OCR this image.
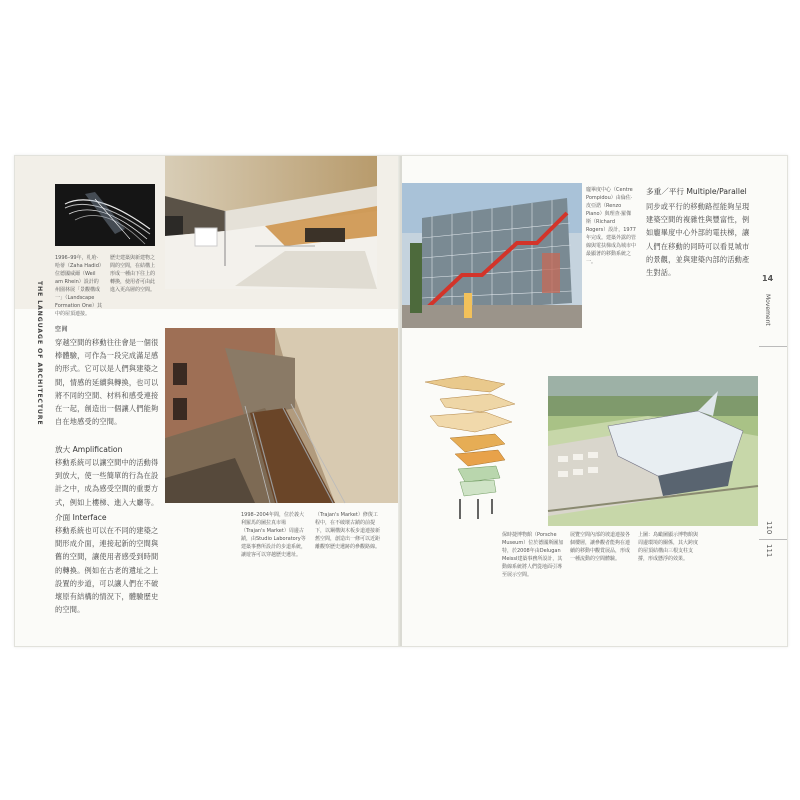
1996–99年，札哈·哈蒂（Zaha Hadid）位德國威爾（Weil am Rhein）設計的州園林展「景觀構成一」（Landscape Formation One）其中的屋頂連接。
歷史建築與新建物之間的空間，在結構上形成一種由下往上的轉換，使用者可由此進入更高層的空間。
THE LANGUAGE OF ARCHITECTURE 空间
穿越空間的移動往往會是一個很棒體驗，可作為一段完成滿足感的形式。它可以是人們與建築之間，情感的延續與轉換，也可以將不同的空間、材料和感受連接在一起，創造出一個讓人們能夠自在地感受的空間。
放大 Amplification
移動系統可以讓空間中的活動得到放大，使一些簡單的行為在設計之中，成為感受空間的重要方式，例如上樓梯、進入大廳等。
介面 Interface
移動系統也可以在不同的建築之間形成介面，連接起新的空間與舊的空間，讓使用者感受到時間的轉換。例如在古老的遺址之上設置的步道，可以讓人們在不破壞原有結構的情況下，體驗歷史的空間。
1998–2004年間，位於義大利羅馬的圖拉真市場（Trajan's Market）周邊古蹟，由Studio Laboratory等建築事務所設計的步道系統，讓遊客可以穿越歷史遺址。
（Trajan's Market）修復工程中，在不破壞古蹟的前提下，以鋼構與木板步道連接新舊空間，創造出一條可以近距離觀察歷史遺跡的參觀路線。
龐畢度中心（Centre Pompidou）由倫佐·皮亞諾（Renzo Piano）與理查·羅傑斯（Richard Rogers）設計，1977年完成。建築外露的管線與電扶梯成為城市中最顯著的移動系統之一。
多重／平行 Multiple/Parallel
同步或平行的移動路徑能夠呈現建築空間的複雜性與豐富性，例如龐畢度中心外部的電扶梯，讓人們在移動的同時可以看見城市的景觀，並與建築內部的活動產生對話。
14
Movement
保時捷博物館（Porsche Museum）位於德國斯圖加特，於2008年由Delugan Meissl建築事務所設計，其動線系統將人們從地面引導至展示空間。
展覽空間內部的坡道連接各個樓層，讓參觀者能夠在連續的移動中觀賞展品，形成一種流動的空間體驗。
上圖：鳥瞰圖顯示博物館與周邊環境的關係，其大跨度的屋頂結構由三根支柱支撐，形成懸浮的效果。
110
111
